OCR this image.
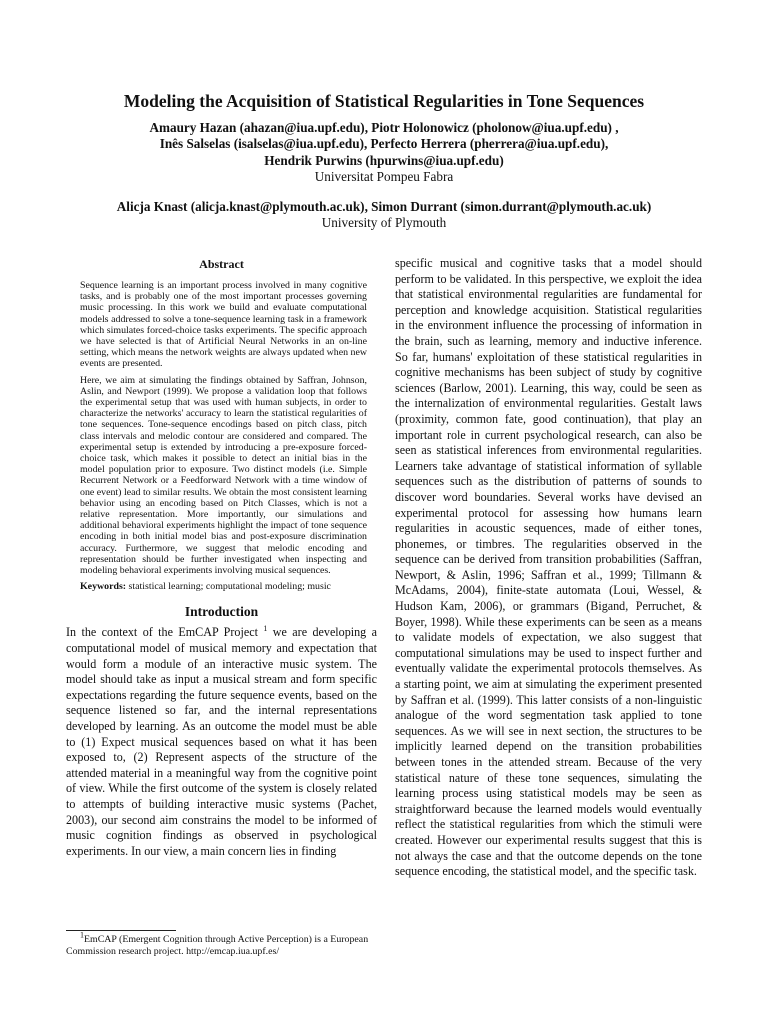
Modeling the Acquisition of Statistical Regularities in Tone Sequences
Amaury Hazan (ahazan@iua.upf.edu), Piotr Holonowicz (pholonow@iua.upf.edu) ,
Inês Salselas (isalselas@iua.upf.edu), Perfecto Herrera (pherrera@iua.upf.edu),
Hendrik Purwins (hpurwins@iua.upf.edu)
Universitat Pompeu Fabra
Alicja Knast (alicja.knast@plymouth.ac.uk), Simon Durrant (simon.durrant@plymouth.ac.uk)
University of Plymouth
Abstract

Sequence learning is an important process involved in many cognitive tasks, and is probably one of the most important processes governing music processing. In this work we build and evaluate computational models addressed to solve a tone-sequence learning task in a framework which simulates forced-choice tasks experiments. The specific approach we have selected is that of Artificial Neural Networks in an on-line setting, which means the network weights are always updated when new events are presented.

Here, we aim at simulating the findings obtained by Saffran, Johnson, Aslin, and Newport (1999). We propose a validation loop that follows the experimental setup that was used with human subjects, in order to characterize the networks' accuracy to learn the statistical regularities of tone sequences. Tone-sequence encodings based on pitch class, pitch class intervals and melodic contour are considered and compared. The experimental setup is extended by introducing a pre-exposure forced-choice task, which makes it possible to detect an initial bias in the model population prior to exposure. Two distinct models (i.e. Simple Recurrent Network or a Feedforward Network with a time window of one event) lead to similar results. We obtain the most consistent learning behavior using an encoding based on Pitch Classes, which is not a relative representation. More importantly, our simulations and additional behavioral experiments highlight the impact of tone sequence encoding in both initial model bias and post-exposure discrimination accuracy. Furthermore, we suggest that melodic encoding and representation should be further investigated when inspecting and modeling behavioral experiments involving musical sequences.

Keywords: statistical learning; computational modeling; music
Introduction

In the context of the EmCAP Project $^1$ we are developing a computational model of musical memory and expectation that would form a module of an interactive music system. The model should take as input a musical stream and form specific expectations regarding the future sequence events, based on the sequence listened so far, and the internal representations developed by learning. As an outcome the model must be able to (1) Expect musical sequences based on what it has been exposed to, (2) Represent aspects of the structure of the attended material in a meaningful way from the cognitive point of view. While the first outcome of the system is closely related to attempts of building interactive music systems (Pachet, 2003), our second aim constrains the model to be informed of music cognition findings as observed in psychological experiments. In our view, a main concern lies in finding

specific musical and cognitive tasks that a model should perform to be validated. In this perspective, we exploit the idea that statistical environmental regularities are fundamental for perception and knowledge acquisition. Statistical regularities in the environment influence the processing of information in the brain, such as learning, memory and inductive inference. So far, humans' exploitation of these statistical regularities in cognitive mechanisms has been subject of study by cognitive sciences (Barlow, 2001). Learning, this way, could be seen as the internalization of environmental regularities. Gestalt laws (proximity, common fate, good continuation), that play an important role in current psychological research, can also be seen as statistical inferences from environmental regularities. Learners take advantage of statistical information of syllable sequences such as the distribution of patterns of sounds to discover word boundaries. Several works have devised an experimental protocol for assessing how humans learn regularities in acoustic sequences, made of either tones, phonemes, or timbres. The regularities observed in the sequence can be derived from transition probabilities (Saffran, Newport, & Aslin, 1996; Saffran et al., 1999; Tillmann & McAdams, 2004), finite-state automata (Loui, Wessel, & Hudson Kam, 2006), or grammars (Bigand, Perruchet, & Boyer, 1998). While these experiments can be seen as a means to validate models of expectation, we also suggest that computational simulations may be used to inspect further and eventually validate the experimental protocols themselves. As a starting point, we aim at simulating the experiment presented by Saffran et al. (1999). This latter consists of a non-linguistic analogue of the word segmentation task applied to tone sequences. As we will see in next section, the structures to be implicitly learned depend on the transition probabilities between tones in the attended stream. Because of the very statistical nature of these tone sequences, simulating the learning process using statistical models may be seen as straightforward because the learned models would eventually reflect the statistical regularities from which the stimuli were created. However our experimental results suggest that this is not always the case and that the outcome depends on the tone sequence encoding, the statistical model, and the specific task.

$^1$EmCAP (Emergent Cognition through Active Perception) is a European Commission research project. http://emcap.iua.upf.es/
